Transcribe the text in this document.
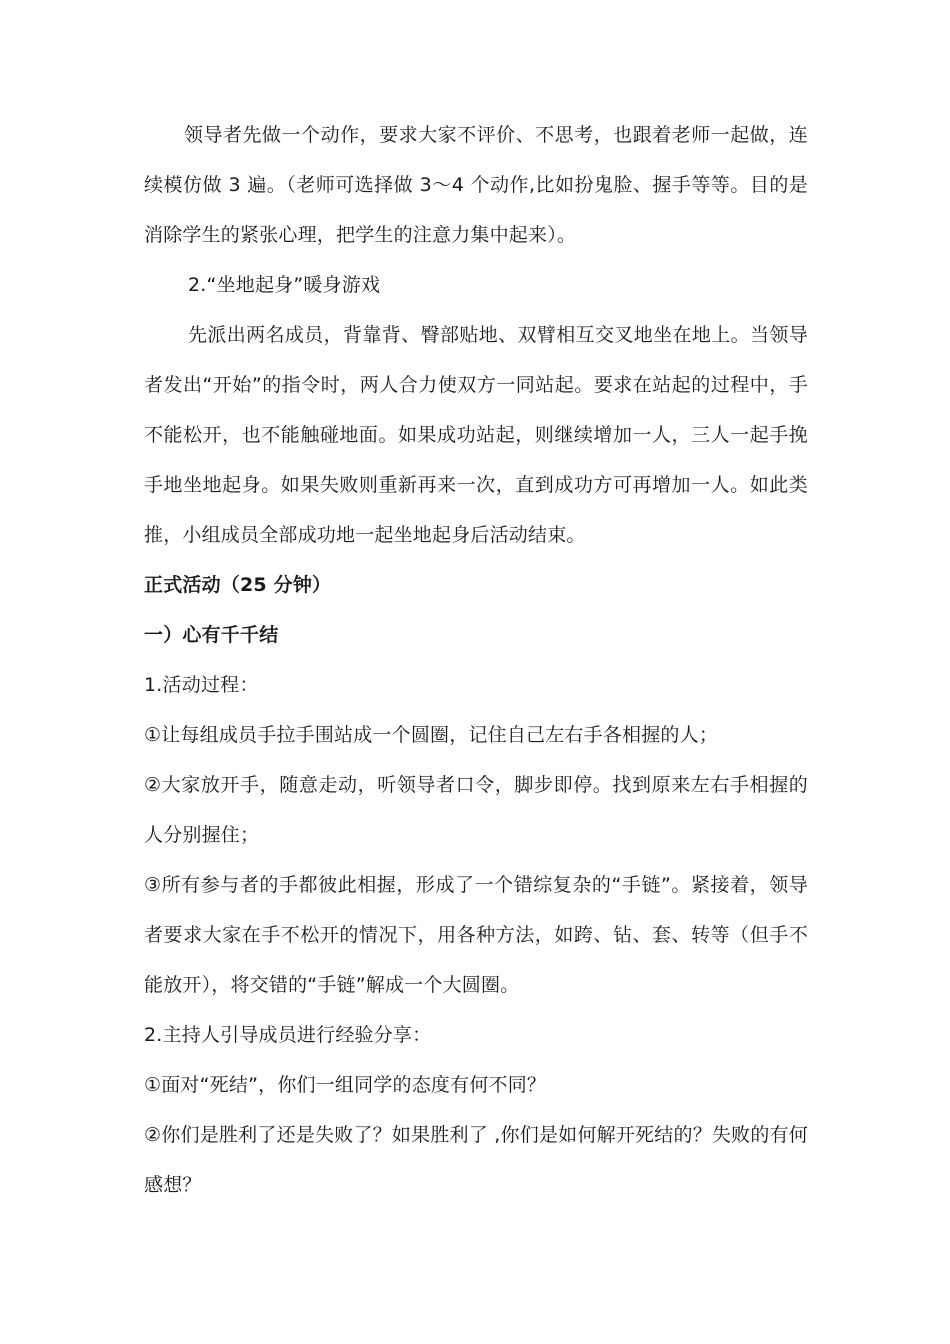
领导者先做一个动作，要求大家不评价、不思考，也跟着老师一起做，连续模仿做 3 遍。（老师可选择做 3～4 个动作,比如扮鬼脸、握手等等。目的是消除学生的紧张心理，把学生的注意力集中起来）。

2.“坐地起身”暖身游戏

先派出两名成员，背靠背、臀部贴地、双臂相互交叉地坐在地上。当领导者发出“开始”的指令时，两人合力使双方一同站起。要求在站起的过程中，手不能松开，也不能触碰地面。如果成功站起，则继续增加一人，三人一起手挽手地坐地起身。如果失败则重新再来一次，直到成功方可再增加一人。如此类推，小组成员全部成功地一起坐地起身后活动结束。

正式活动（25 分钟）

一）心有千千结

1.活动过程：

①让每组成员手拉手围站成一个圆圈，记住自己左右手各相握的人；

②大家放开手，随意走动，听领导者口令，脚步即停。找到原来左右手相握的人分别握住；

③所有参与者的手都彼此相握，形成了一个错综复杂的“手链”。紧接着，领导者要求大家在手不松开的情况下，用各种方法，如跨、钻、套、转等（但手不能放开），将交错的“手链”解成一个大圆圈。

2.主持人引导成员进行经验分享：

①面对“死结”，你们一组同学的态度有何不同？

②你们是胜利了还是失败了？如果胜利了 ,你们是如何解开死结的？失败的有何感想？
